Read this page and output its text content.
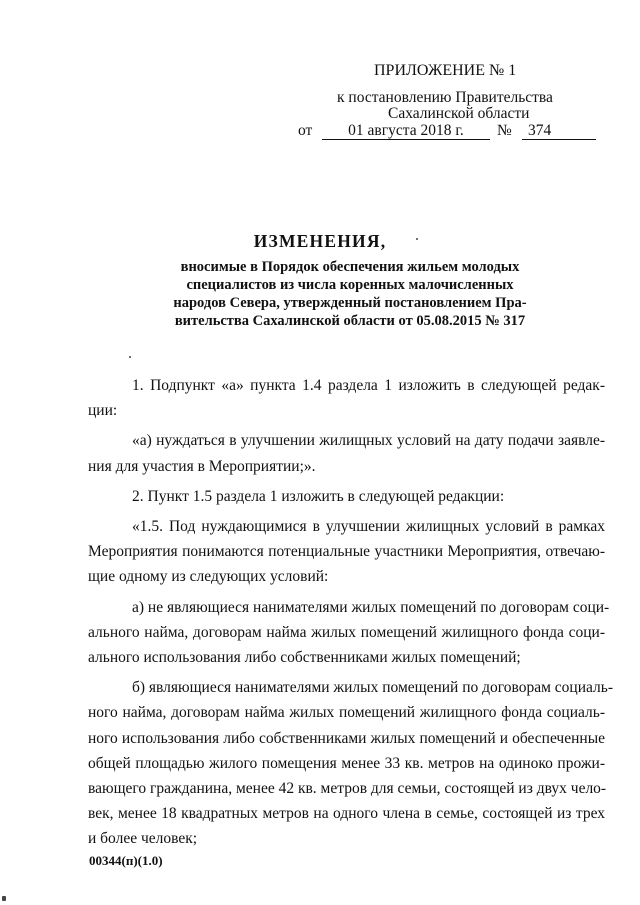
ПРИЛОЖЕНИЕ № 1
к постановлению Правительства
Сахалинской области
от	01 августа 2018 г.	№	374
ИЗМЕНЕНИЯ,
вносимые в Порядок обеспечения жильем молодых
специалистов из числа коренных малочисленных
народов Севера, утвержденный постановлением Пра-
вительства Сахалинской области от 05.08.2015 № 317
1. Подпункт «а» пункта 1.4 раздела 1 изложить в следующей редак-
ции:
«а) нуждаться в улучшении жилищных условий на дату подачи заявле-
ния для участия в Мероприятии;».
2. Пункт 1.5 раздела 1 изложить в следующей редакции:
«1.5. Под нуждающимися в улучшении жилищных условий в рамках
Мероприятия понимаются потенциальные участники Мероприятия, отвечаю-
щие одному из следующих условий:
а) не являющиеся нанимателями жилых помещений по договорам соци-
ального найма, договорам найма жилых помещений жилищного фонда соци-
ального использования либо собственниками жилых помещений;
б) являющиеся нанимателями жилых помещений по договорам социаль-
ного найма, договорам найма жилых помещений жилищного фонда социаль-
ного использования либо собственниками жилых помещений и обеспеченные
общей площадью жилого помещения менее 33 кв. метров на одиноко прожи-
вающего гражданина, менее 42 кв. метров для семьи, состоящей из двух чело-
век, менее 18 квадратных метров на одного члена в семье, состоящей из трех
и более человек;
00344(п)(1.0)
